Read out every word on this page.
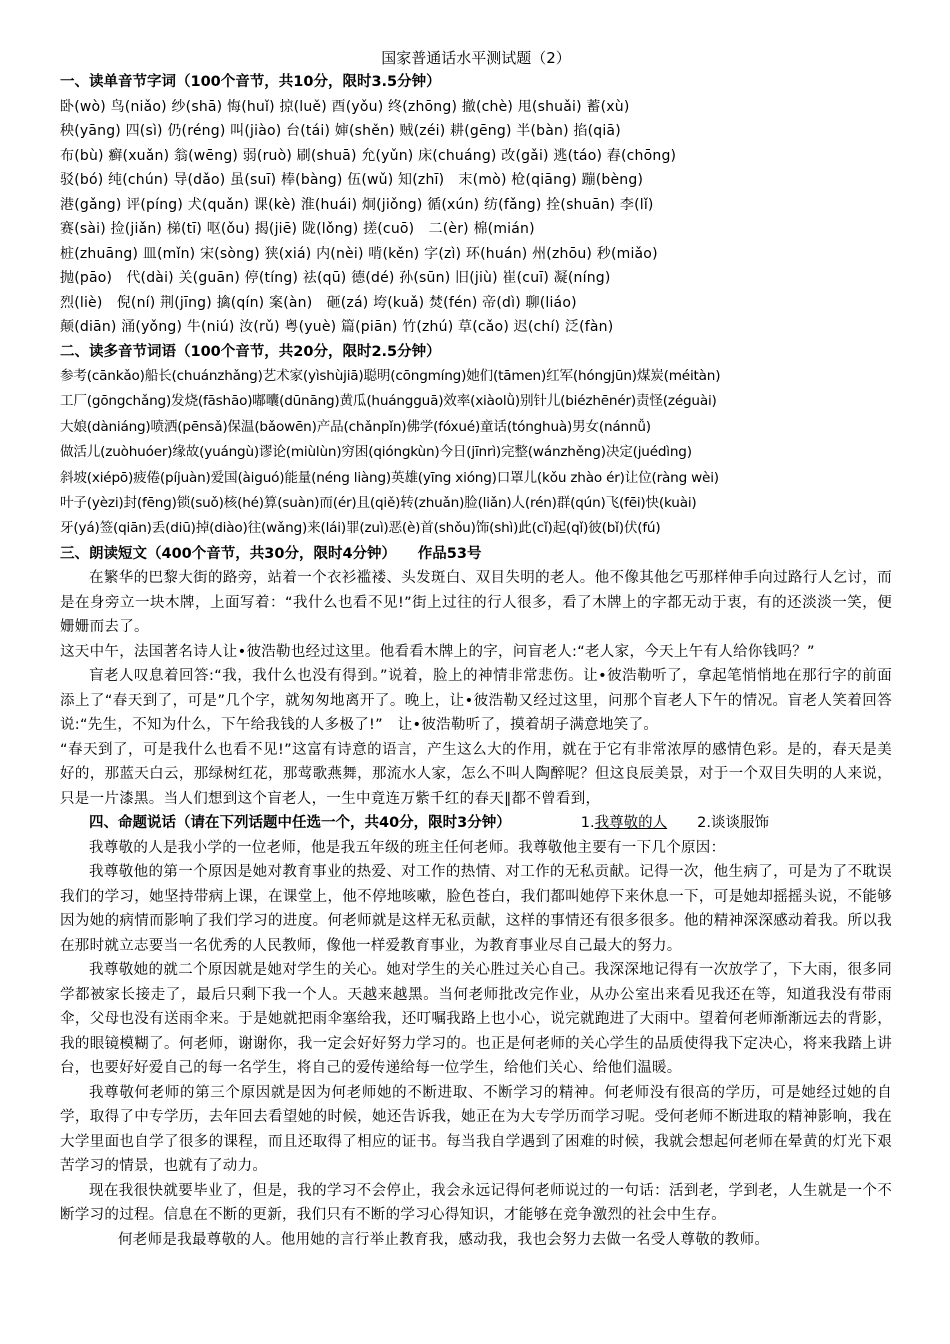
国家普通话水平测试题（2）
一、读单音节字词（100个音节，共10分，限时3.5分钟）
卧(wò) 鸟(niǎo) 纱(shā) 悔(huǐ) 掠(luě) 酉(yǒu) 终(zhōng) 撤(chè) 甩(shuǎi) 蓄(xù)
秧(yāng) 四(sì) 仍(réng) 叫(jiào) 台(tái) 婶(shěn) 贼(zéi) 耕(gēng) 半(bàn) 掐(qiā)
布(bù) 癣(xuǎn) 翁(wēng) 弱(ruò) 刷(shuā) 允(yǔn) 床(chuáng) 改(gǎi) 逃(táo) 舂(chōng)
驳(bó) 纯(chún) 导(dǎo) 虽(suī) 棒(bàng) 伍(wǔ) 知(zhī)　末(mò) 枪(qiāng) 蹦(bèng)
港(gǎng) 评(píng) 犬(quǎn) 课(kè) 淮(huái) 炯(jiǒng) 循(xún) 纺(fǎng) 拴(shuān) 李(lǐ)
赛(sài) 捡(jiǎn) 梯(tī) 呕(ǒu) 揭(jiē) 陇(lǒng) 搓(cuō)　二(èr) 棉(mián)
桩(zhuāng) 皿(mǐn) 宋(sòng) 狭(xiá) 内(nèi) 啃(kěn) 字(zì) 环(huán) 州(zhōu) 秒(miǎo)
抛(pāo)　代(dài) 关(guān) 停(tíng) 祛(qū) 德(dé) 孙(sūn) 旧(jiù) 崔(cuī) 凝(níng)
烈(liè)　倪(ní) 荆(jīng) 擒(qín) 案(àn)　砸(zá) 垮(kuǎ) 焚(fén) 帝(dì) 聊(liáo)
颠(diān) 涌(yǒng) 牛(niú) 汝(rǔ) 粤(yuè) 篇(piān) 竹(zhú) 草(cǎo) 迟(chí) 泛(fàn)
二、读多音节词语（100个音节，共20分，限时2.5分钟）
参考(cānkǎo)船长(chuánzhǎng)艺术家(yìshùjiā)聪明(cōngmíng)她们(tāmen)红军(hóngjūn)煤炭(méitàn)
工厂(gōngchǎng)发烧(fāshāo)嘟囔(dūnāng)黄瓜(huángguā)效率(xiàolǜ)别针儿(biézhēnér)责怪(zéguài)
大娘(dàniáng)喷洒(pēnsǎ)保温(bǎowēn)产品(chǎnpǐn)佛学(fóxué)童话(tónghuà)男女(nánnǚ)
做活儿(zuòhuóer)缘故(yuángù)谬论(miùlùn)穷困(qióngkùn)今日(jīnrì)完整(wánzhěng)决定(juédìng)
斜坡(xiépō)疲倦(píjuàn)爱国(àiguó)能量(néng liàng)英雄(yīng xióng)口罩儿(kǒu zhào ér)让位(ràng wèi)
叶子(yèzi)封(fēng)锁(suǒ)核(hé)算(suàn)而(ér)且(qiě)转(zhuǎn)脸(liǎn)人(rén)群(qún)飞(fēi)快(kuài)
牙(yá)签(qiān)丢(diū)掉(diào)往(wǎng)来(lái)罪(zuì)恶(è)首(shǒu)饰(shì)此(cǐ)起(qǐ)彼(bǐ)伏(fú)
三、朗读短文（400个音节，共30分，限时4分钟）　　作品53号

在繁华的巴黎大街的路旁，站着一个衣衫褴褛、头发斑白、双目失明的老人。他不像其他乞丐那样伸手向过路行人乞讨，而是在身旁立一块木牌，上面写着：“我什么也看不见!”街上过往的行人很多，看了木牌上的字都无动于衷，有的还淡淡一笑，便姗姗而去了。

这天中午，法国著名诗人让•彼浩勒也经过这里。他看看木牌上的字，问盲老人:“老人家，今天上午有人给你钱吗？”

盲老人叹息着回答:“我，我什么也没有得到。”说着，脸上的神情非常悲伤。让•彼浩勒听了，拿起笔悄悄地在那行字的前面添上了“春天到了，可是”几个字，就匆匆地离开了。晚上，让•彼浩勒又经过这里，问那个盲老人下午的情况。盲老人笑着回答说:“先生，不知为什么，下午给我钱的人多极了!”　让•彼浩勒听了，摸着胡子满意地笑了。

“春天到了，可是我什么也看不见!”这富有诗意的语言，产生这么大的作用，就在于它有非常浓厚的感情色彩。是的，春天是美好的，那蓝天白云，那绿树红花，那莺歌燕舞，那流水人家，怎么不叫人陶醉呢？但这良辰美景，对于一个双目失明的人来说，只是一片漆黑。当人们想到这个盲老人，一生中竟连万紫千红的春天∥都不曾看到，

四、命题说话（请在下列话题中任选一个，共40分，限时3分钟）	1.我尊敬的人 2.谈谈服饰

我尊敬的人是我小学的一位老师，他是我五年级的班主任何老师。我尊敬他主要有一下几个原因：

我尊敬他的第一个原因是她对教育事业的热爱、对工作的热情、对工作的无私贡献。记得一次，他生病了，可是为了不耽误我们的学习，她坚持带病上课，在课堂上，他不停地咳嗽，脸色苍白，我们都叫她停下来休息一下，可是她却摇摇头说，不能够因为她的病情而影响了我们学习的进度。何老师就是这样无私贡献，这样的事情还有很多很多。他的精神深深感动着我。所以我在那时就立志要当一名优秀的人民教师，像他一样爱教育事业，为教育事业尽自己最大的努力。

我尊敬她的就二个原因就是她对学生的关心。她对学生的关心胜过关心自己。我深深地记得有一次放学了，下大雨，很多同学都被家长接走了，最后只剩下我一个人。天越来越黑。当何老师批改完作业，从办公室出来看见我还在等，知道我没有带雨伞，父母也没有送雨伞来。于是她就把雨伞塞给我，还叮嘱我路上也小心，说完就跑进了大雨中。望着何老师渐渐远去的背影，我的眼镜模糊了。何老师，谢谢你，我一定会好好努力学习的。也正是何老师的关心学生的品质使得我下定决心，将来我踏上讲台，也要好好爱自己的每一名学生，将自己的爱传递给每一位学生，给他们关心、给他们温暖。

我尊敬何老师的第三个原因就是因为何老师她的不断进取、不断学习的精神。何老师没有很高的学历，可是她经过她的自学，取得了中专学历，去年回去看望她的时候，她还告诉我，她正在为大专学历而学习呢。受何老师不断进取的精神影响，我在大学里面也自学了很多的课程，而且还取得了相应的证书。每当我自学遇到了困难的时候，我就会想起何老师在晕黄的灯光下艰苦学习的情景，也就有了动力。

现在我很快就要毕业了，但是，我的学习不会停止，我会永远记得何老师说过的一句话：活到老，学到老，人生就是一个不断学习的过程。信息在不断的更新，我们只有不断的学习心得知识，才能够在竞争激烈的社会中生存。

何老师是我最尊敬的人。他用她的言行举止教育我，感动我，我也会努力去做一名受人尊敬的教师。
